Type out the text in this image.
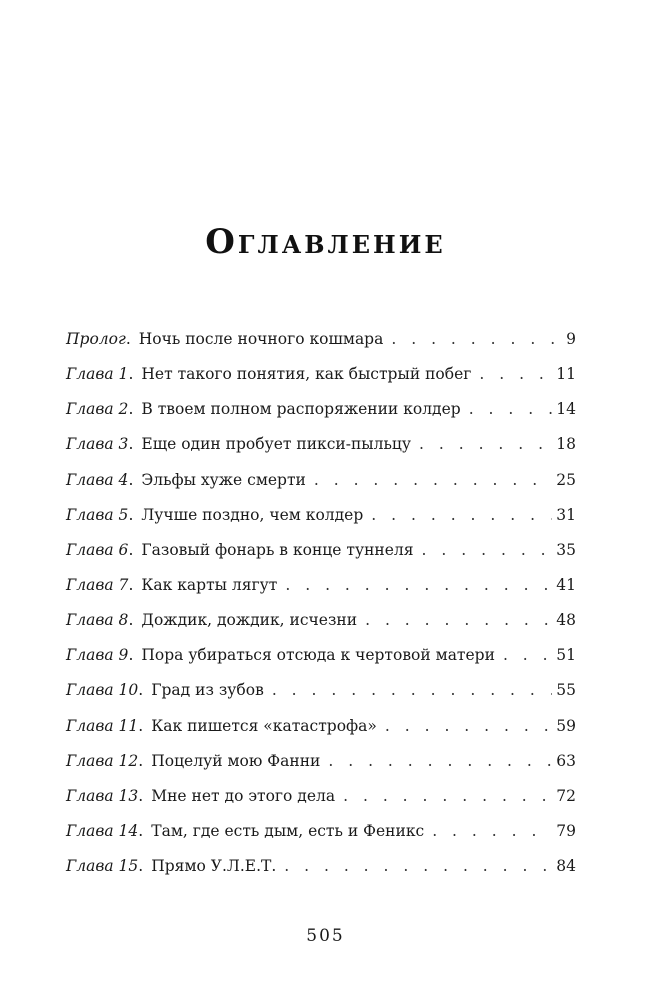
Оглавление
Пролог . Ночь после ночного кошмара . . .	9
Глава 1 . Нет такого понятия, как быстрый побег . . .	11
Глава 2 . В твоем полном распоряжении колдер . . .	14
Глава 3 . Еще один пробует пикси-пыльцу . . .	18
Глава 4 . Эльфы хуже смерти . . .	25
Глава 5 . Лучше поздно, чем колдер . . .	31
Глава 6 . Газовый фонарь в конце туннеля . . .	35
Глава 7 . Как карты лягут . . .	41
Глава 8 . Дождик, дождик, исчезни . . .	48
Глава 9 . Пора убираться отсюда к чертовой матери . . .	51
Глава 10 . Град из зубов . . .	55
Глава 11 . Как пишется «катастрофа» . . .	59
Глава 12 . Поцелуй мою Фанни . . .	63
Глава 13 . Мне нет до этого дела . . .	72
Глава 14 . Там, где есть дым, есть и Феникс . . .	79
Глава 15 . Прямо У.Л.Е.Т. . . .	84
505
